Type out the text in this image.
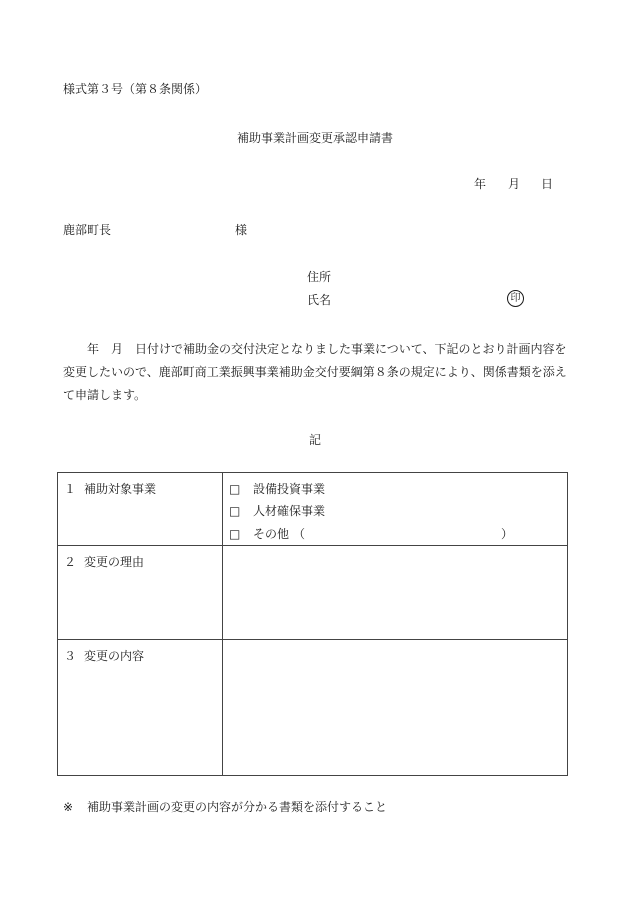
様式第３号（第８条関係）
補助事業計画変更承認申請書
年 月 日
鹿部町長	様
住所
氏名	印
年 月 日付けで補助金の交付決定となりました事業について、下記のとおり計画内容を
変更したいので、鹿部町商工業振興事業補助金交付要綱第８条の規定により、関係書類を添え
て申請します。
記
１ 補助対象事業	□ 設備投資事業
□ 人材確保事業
□ その他 （	）
２ 変更の理由
３ 変更の内容
※ 補助事業計画の変更の内容が分かる書類を添付すること
